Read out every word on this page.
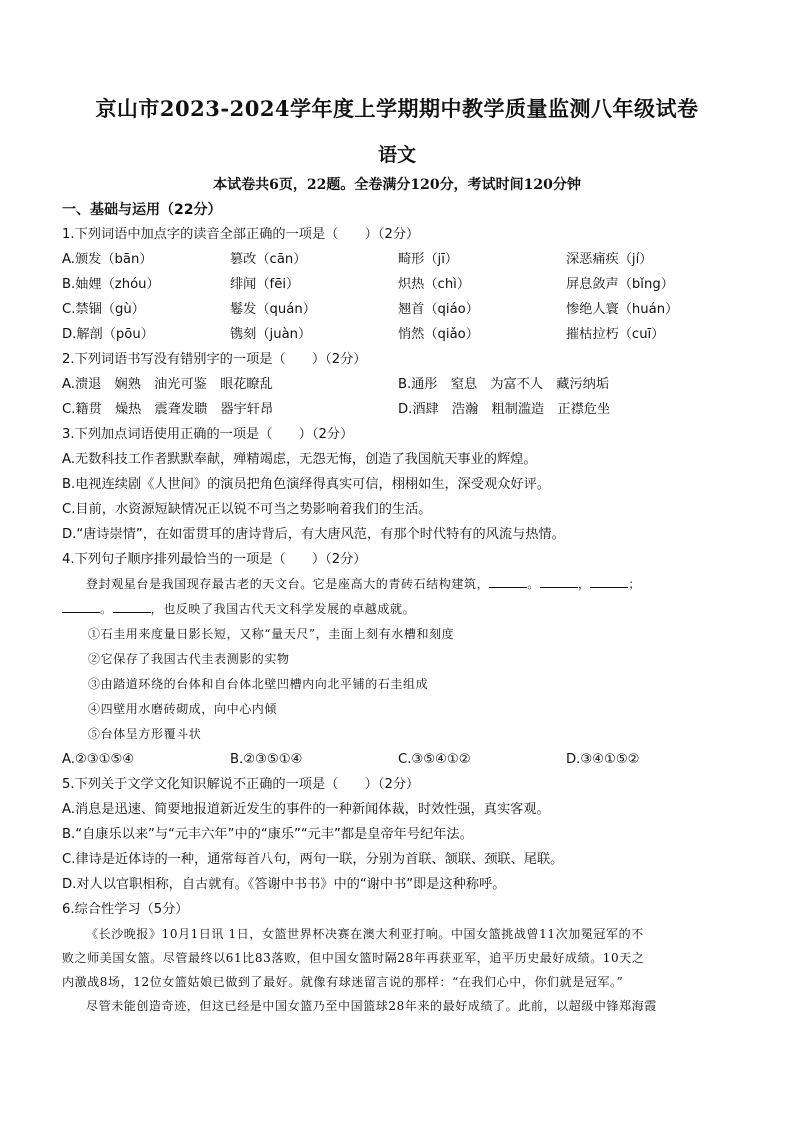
京山市2023-2024学年度上学期期中教学质量监测八年级试卷
语文
本试卷共6页，22题。全卷满分120分，考试时间120分钟
一、基础与运用（22分）
1.下列词语中加点字的读音全部正确的一项是（　　）（2分）
A.颁发（bān）	篡改（cān）	畸形（jī）	深恶痛疾（jí）
B.妯娌（zhóu）	绯闻（fēi）	炽热（chì）	屏息敛声（bǐng）
C.禁锢（gù）	鬈发（quán）	翘首（qiáo）	惨绝人寰（huán）
D.解剖（pōu）	镌刻（juàn）	悄然（qiǎo）	摧枯拉朽（cuī）
2.下列词语书写没有错别字的一项是（　　）（2分）
A.溃退　娴熟　油光可鉴　眼花瞭乱	B.通彤　窒息　为富不人　藏污纳垢
C.籍贯　燥热　震聋发聩　器宇轩昂	D.酒肆　浩瀚　粗制滥造　正襟危坐
3.下列加点词语使用正确的一项是（　　）（2分）
A.无数科技工作者默默奉献，殚精竭虑，无怨无悔，创造了我国航天事业的辉煌。
B.电视连续剧《人世间》的演员把角色演绎得真实可信，栩栩如生，深受观众好评。
C.目前，水资源短缺情况正以锐不可当之势影响着我们的生活。
D.“唐诗崇情”，在如雷贯耳的唐诗背后，有大唐风范，有那个时代特有的风流与热情。
4.下列句子顺序排列最恰当的一项是（　　）（2分）
登封观星台是我国现存最古老的天文台。它是座高大的青砖石结构建筑，	。	，	；
。	，也反映了我国古代天文科学发展的卓越成就。
①石圭用来度量日影长短，又称“量天尺”，圭面上刻有水槽和刻度
②它保存了我国古代圭表测影的实物
③由踏道环绕的台体和自台体北壁凹槽内向北平铺的石圭组成
④四壁用水磨砖砌成，向中心内倾
⑤台体呈方形覆斗状
A.②③①⑤④	B.②③⑤①④	C.③⑤④①②	D.③④①⑤②
5.下列关于文学文化知识解说不正确的一项是（　　）（2分）
A.消息是迅速、简要地报道新近发生的事件的一种新闻体裁，时效性强，真实客观。
B.“自康乐以来”与“元丰六年”中的“康乐”“元丰”都是皇帝年号纪年法。
C.律诗是近体诗的一种，通常每首八句，两句一联，分别为首联、颔联、颈联、尾联。
D.对人以官职相称，自古就有。《答谢中书书》中的“谢中书”即是这种称呼。
6.综合性学习（5分）
《长沙晚报》10月1日讯 1日，女篮世界杯决赛在澳大利亚打响。中国女篮挑战曾11次加冕冠军的不
败之师美国女篮。尽管最终以61比83落败，但中国女篮时隔28年再获亚军，追平历史最好成绩。10天之
内激战8场，12位女篮姑娘已做到了最好。就像有球迷留言说的那样：“在我们心中，你们就是冠军。”
尽管未能创造奇迹，但这已经是中国女篮乃至中国篮球28年来的最好成绩了。此前，以超级中锋郑海霞
